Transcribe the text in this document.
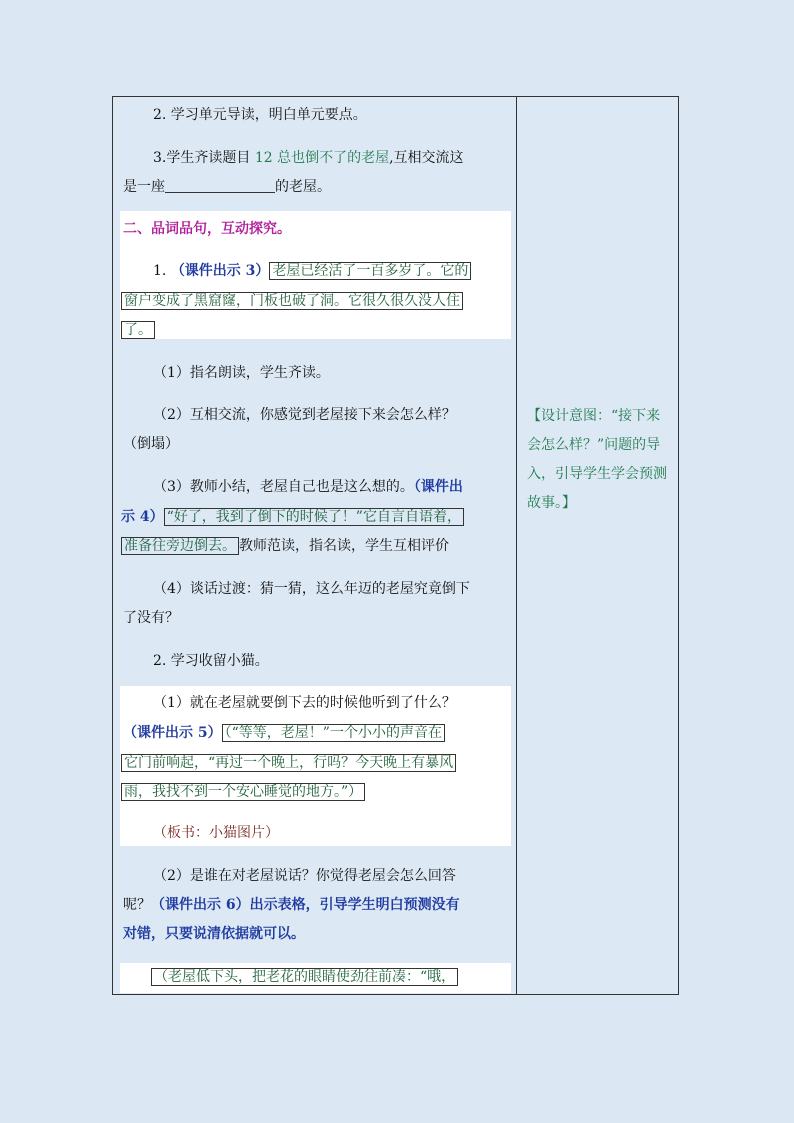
2. 学习单元导读，明白单元要点。
3.学生齐读题目 12 总也倒不了的老屋,互相交流这
是一座	的老屋。
二、品词品句，互动探究。
1. （课件出示 3） 老屋已经活了一百多岁了。它的
窗户变成了黑窟窿，门板也破了洞。它很久很久没人住
了。
（1）指名朗读，学生齐读。
（2）互相交流，你感觉到老屋接下来会怎么样？
（倒塌）
（3）教师小结，老屋自己也是这么想的。（课件出
示 4） “好了，我到了倒下的时候了！”它自言自语着，
准备往旁边倒去。 教师范读，指名读，学生互相评价
（4）谈话过渡：猜一猜，这么年迈的老屋究竟倒下
了没有？
2. 学习收留小猫。
（1）就在老屋就要倒下去的时候他听到了什么？
（课件出示 5） （“等等，老屋！”一个小小的声音在
它门前响起，“再过一个晚上，行吗？今天晚上有暴风
雨，我找不到一个安心睡觉的地方。”）
（板书：小猫图片）
（2）是谁在对老屋说话？你觉得老屋会怎么回答
呢？（课件出示 6）出示表格，引导学生明白预测没有
对错，只要说清依据就可以。
（老屋低下头，把老花的眼睛使劲往前凑：“哦，
【设计意图：“接下来会怎么样？”问题的导入，引导学生学会预测故事。】
